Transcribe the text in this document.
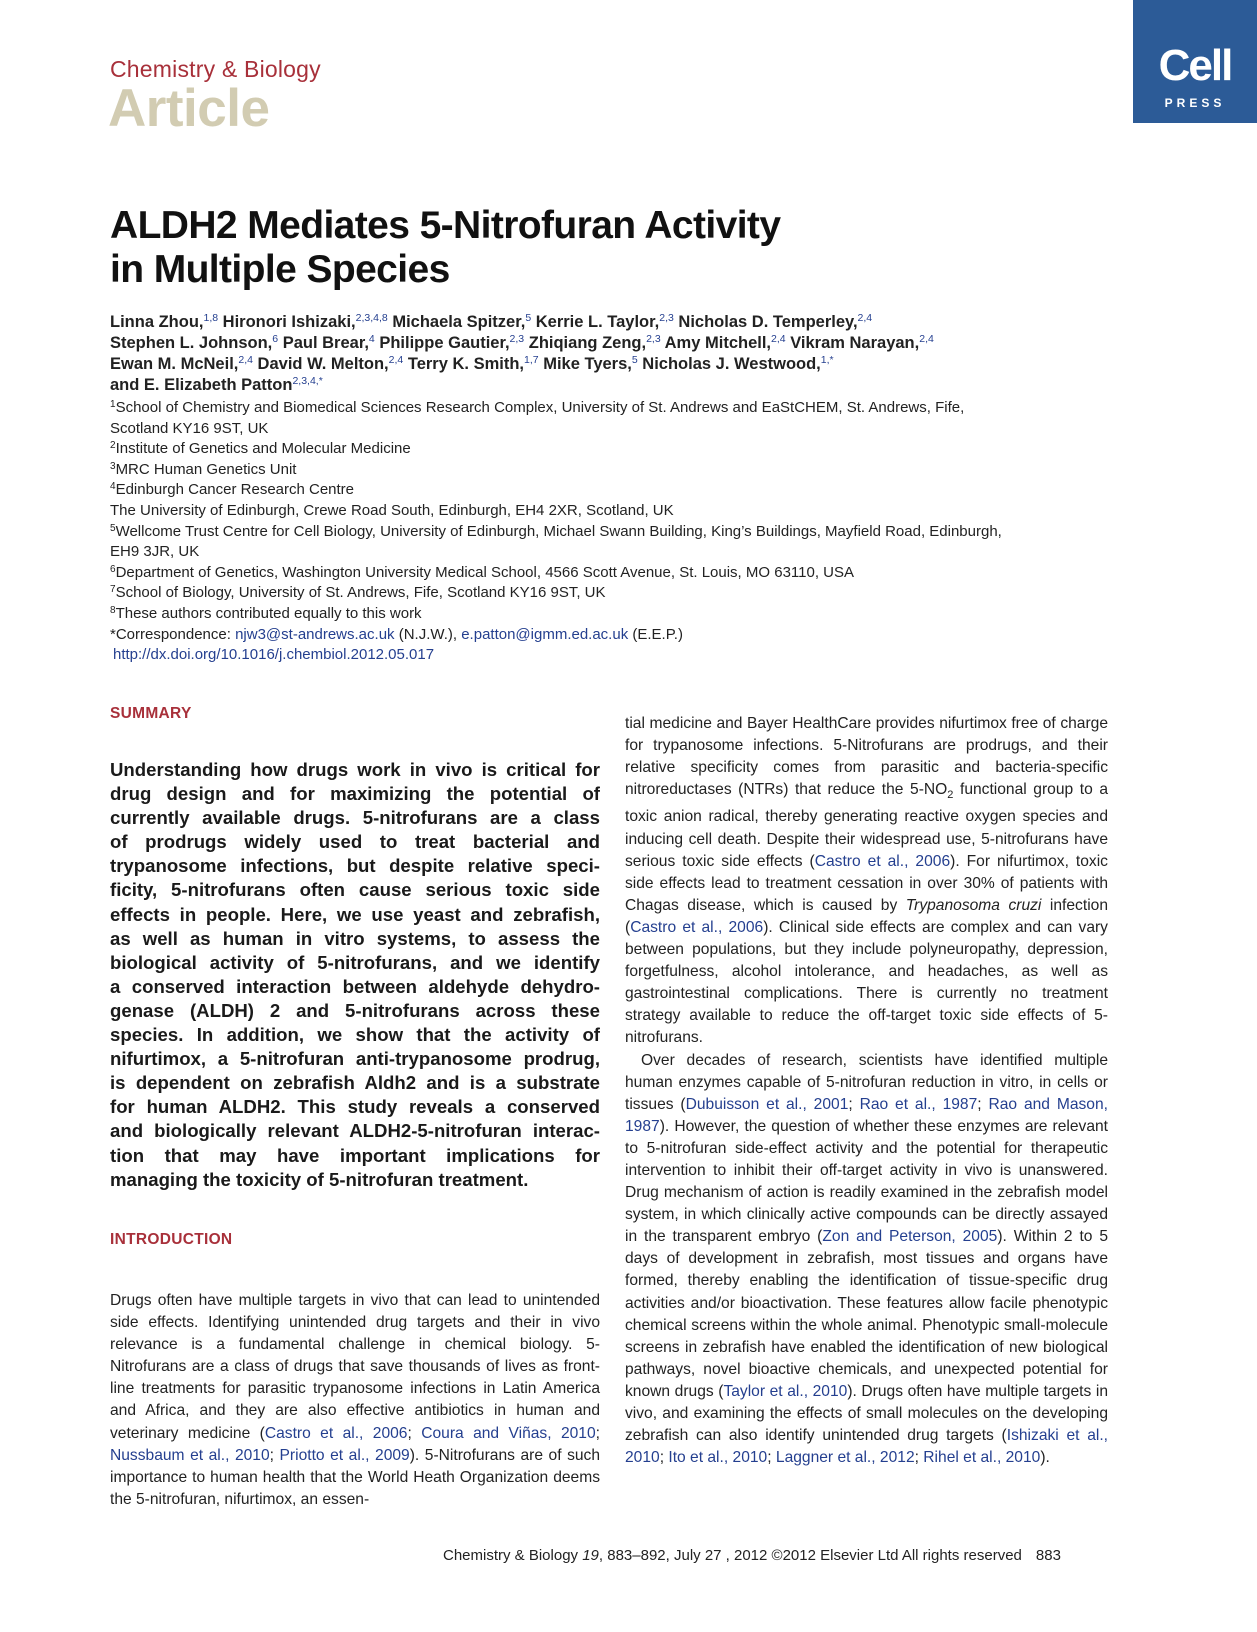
Chemistry & Biology
Article
Cell
PRESS
ALDH2 Mediates 5-Nitrofuran Activity
in Multiple Species
Linna Zhou,$^{1,8}$ Hironori Ishizaki,$^{2,3,4,8}$ Michaela Spitzer,$^5$ Kerrie L. Taylor,$^{2,3}$ Nicholas D. Temperley,$^{2,4}$
Stephen L. Johnson,$^6$ Paul Brear,$^4$ Philippe Gautier,$^{2,3}$ Zhiqiang Zeng,$^{2,3}$ Amy Mitchell,$^{2,4}$ Vikram Narayan,$^{2,4}$
Ewan M. McNeil,$^{2,4}$ David W. Melton,$^{2,4}$ Terry K. Smith,$^{1,7}$ Mike Tyers,$^5$ Nicholas J. Westwood,$^{1,*}$
and E. Elizabeth Patton$^{2,3,4,*}$
$^1$School of Chemistry and Biomedical Sciences Research Complex, University of St. Andrews and EaStCHEM, St. Andrews, Fife,
Scotland KY16 9ST, UK
$^2$Institute of Genetics and Molecular Medicine
$^3$MRC Human Genetics Unit
$^4$Edinburgh Cancer Research Centre
The University of Edinburgh, Crewe Road South, Edinburgh, EH4 2XR, Scotland, UK
$^5$Wellcome Trust Centre for Cell Biology, University of Edinburgh, Michael Swann Building, King’s Buildings, Mayfield Road, Edinburgh,
EH9 3JR, UK
$^6$Department of Genetics, Washington University Medical School, 4566 Scott Avenue, St. Louis, MO 63110, USA
$^7$School of Biology, University of St. Andrews, Fife, Scotland KY16 9ST, UK
$^8$These authors contributed equally to this work
*Correspondence: njw3@st-andrews.ac.uk (N.J.W.), e.patton@igmm.ed.ac.uk (E.E.P.)
http://dx.doi.org/10.1016/j.chembiol.2012.05.017
SUMMARY
Understanding how drugs work in vivo is critical for
drug design and for maximizing the potential of
currently available drugs. 5-nitrofurans are a class
of prodrugs widely used to treat bacterial and
trypanosome infections, but despite relative speci-
ficity, 5-nitrofurans often cause serious toxic side
effects in people. Here, we use yeast and zebrafish,
as well as human in vitro systems, to assess the
biological activity of 5-nitrofurans, and we identify
a conserved interaction between aldehyde dehydro-
genase (ALDH) 2 and 5-nitrofurans across these
species. In addition, we show that the activity of
nifurtimox, a 5-nitrofuran anti-trypanosome prodrug,
is dependent on zebrafish Aldh2 and is a substrate
for human ALDH2. This study reveals a conserved
and biologically relevant ALDH2-5-nitrofuran interac-
tion that may have important implications for
managing the toxicity of 5-nitrofuran treatment.
INTRODUCTION

Drugs often have multiple targets in vivo that can lead to unintended side effects. Identifying unintended drug targets and their in vivo relevance is a fundamental challenge in chemical biology. 5-Nitrofurans are a class of drugs that save thousands of lives as front-line treatments for parasitic trypanosome infections in Latin America and Africa, and they are also effective antibiotics in human and veterinary medicine (Castro et al., 2006; Coura and Viñas, 2010; Nussbaum et al., 2010; Priotto et al., 2009). 5-Nitrofurans are of such importance to human health that the World Heath Organization deems the 5-nitrofuran, nifurtimox, an essen-

tial medicine and Bayer HealthCare provides nifurtimox free of charge for trypanosome infections. 5-Nitrofurans are prodrugs, and their relative specificity comes from parasitic and bacteria-specific nitroreductases (NTRs) that reduce the $5-NO_2$ functional group to a toxic anion radical, thereby generating reactive oxygen species and inducing cell death. Despite their widespread use, 5-nitrofurans have serious toxic side effects (Castro et al., 2006). For nifurtimox, toxic side effects lead to treatment cessation in over 30% of patients with Chagas disease, which is caused by Trypanosoma cruzi infection (Castro et al., 2006). Clinical side effects are complex and can vary between populations, but they include polyneuropathy, depression, forgetfulness, alcohol intolerance, and headaches, as well as gastrointestinal complications. There is currently no treatment strategy available to reduce the off-target toxic side effects of 5-nitrofurans.

Over decades of research, scientists have identified multiple human enzymes capable of 5-nitrofuran reduction in vitro, in cells or tissues (Dubuisson et al., 2001; Rao et al., 1987; Rao and Mason, 1987). However, the question of whether these enzymes are relevant to 5-nitrofuran side-effect activity and the potential for therapeutic intervention to inhibit their off-target activity in vivo is unanswered. Drug mechanism of action is readily examined in the zebrafish model system, in which clinically active compounds can be directly assayed in the transparent embryo (Zon and Peterson, 2005). Within 2 to 5 days of development in zebrafish, most tissues and organs have formed, thereby enabling the identification of tissue-specific drug activities and/or bioactivation. These features allow facile phenotypic chemical screens within the whole animal. Phenotypic small-molecule screens in zebrafish have enabled the identification of new biological pathways, novel bioactive chemicals, and unexpected potential for known drugs (Taylor et al., 2010). Drugs often have multiple targets in vivo, and examining the effects of small molecules on the developing zebrafish can also identify unintended drug targets (Ishizaki et al., 2010; Ito et al., 2010; Laggner et al., 2012; Rihel et al., 2010).

Chemistry & Biology 19, 883–892, July 27 , 2012 ©2012 Elsevier Ltd All rights reserved 883
